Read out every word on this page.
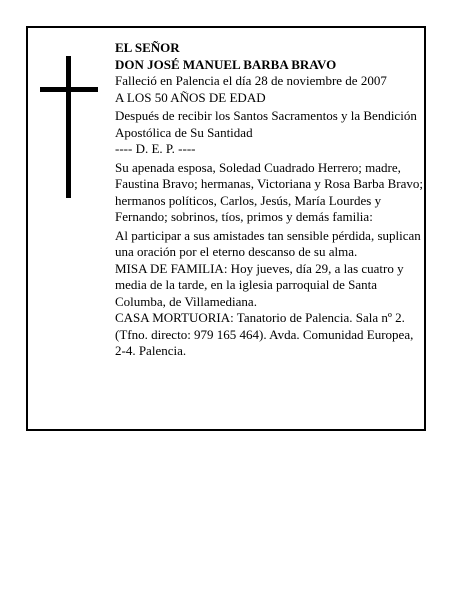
EL SEÑOR

DON JOSÉ MANUEL BARBA BRAVO

Falleció en Palencia el día 28 de noviembre de 2007

A LOS 50 AÑOS DE EDAD

Después de recibir los Santos Sacramentos y la Bendición Apostólica de Su Santidad

---- D. E. P. ----

Su apenada esposa, Soledad Cuadrado Herrero; madre, Faustina Bravo; hermanas, Victoriana y Rosa Barba Bravo; hermanos políticos, Carlos, Jesús, María Lourdes y Fernando; sobrinos, tíos, primos y demás familia:

Al participar a sus amistades tan sensible pérdida, suplican una oración por el eterno descanso de su alma.

MISA DE FAMILIA: Hoy jueves, día 29, a las cuatro y media de la tarde, en la iglesia parroquial de Santa Columba, de Villamediana.

CASA MORTUORIA: Tanatorio de Palencia. Sala nº 2. (Tfno. directo: 979 165 464). Avda. Comunidad Europea, 2-4. Palencia.
